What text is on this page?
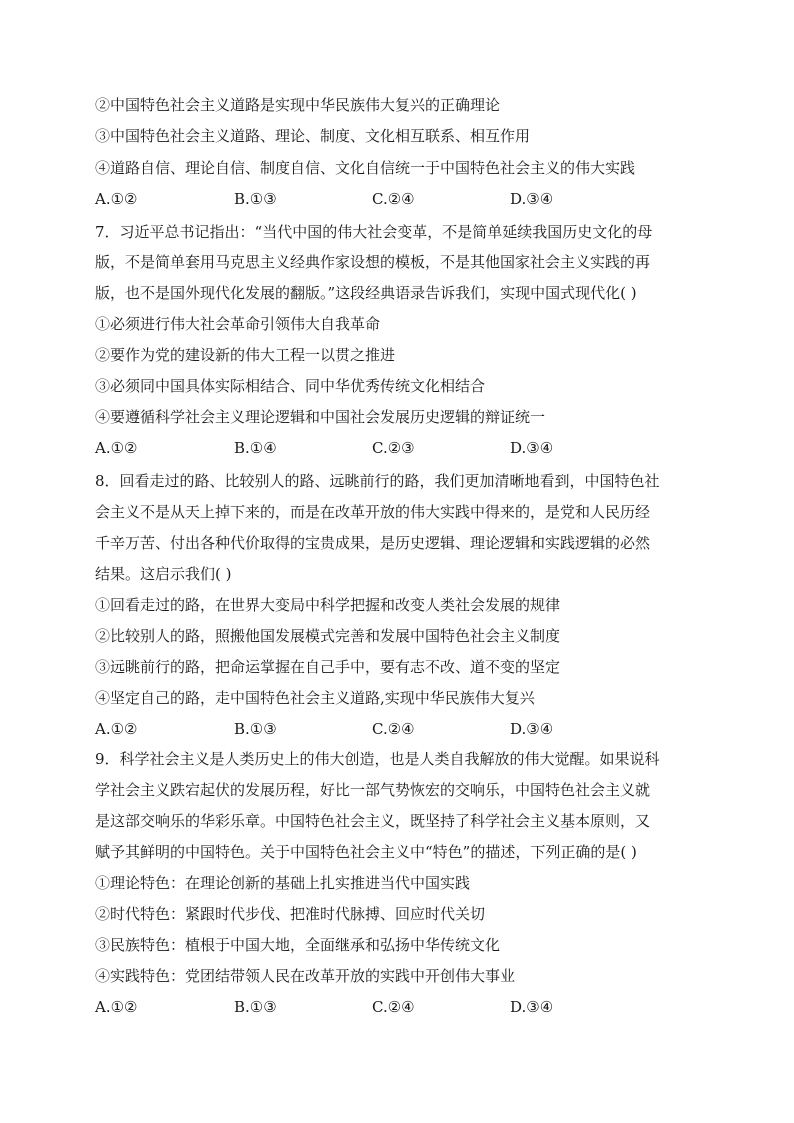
②中国特色社会主义道路是实现中华民族伟大复兴的正确理论
③中国特色社会主义道路、理论、制度、文化相互联系、相互作用
④道路自信、理论自信、制度自信、文化自信统一于中国特色社会主义的伟大实践
A.①②	B.①③	C.②④	D.③④
7．习近平总书记指出：“当代中国的伟大社会变革，不是简单延续我国历史文化的母
版，不是简单套用马克思主义经典作家设想的模板，不是其他国家社会主义实践的再
版，也不是国外现代化发展的翻版。”这段经典语录告诉我们，实现中国式现代化( )
①必须进行伟大社会革命引领伟大自我革命
②要作为党的建设新的伟大工程一以贯之推进
③必须同中国具体实际相结合、同中华优秀传统文化相结合
④要遵循科学社会主义理论逻辑和中国社会发展历史逻辑的辩证统一
A.①②	B.①④	C.②③	D.③④
8．回看走过的路、比较别人的路、远眺前行的路，我们更加清晰地看到，中国特色社
会主义不是从天上掉下来的，而是在改革开放的伟大实践中得来的，是党和人民历经
千辛万苦、付出各种代价取得的宝贵成果，是历史逻辑、理论逻辑和实践逻辑的必然
结果。这启示我们( )
①回看走过的路，在世界大变局中科学把握和改变人类社会发展的规律
②比较别人的路，照搬他国发展模式完善和发展中国特色社会主义制度
③远眺前行的路，把命运掌握在自己手中，要有志不改、道不变的坚定
④坚定自己的路，走中国特色社会主义道路,实现中华民族伟大复兴
A.①②	B.①③	C.②④	D.③④
9．科学社会主义是人类历史上的伟大创造，也是人类自我解放的伟大觉醒。如果说科
学社会主义跌宕起伏的发展历程，好比一部气势恢宏的交响乐，中国特色社会主义就
是这部交响乐的华彩乐章。中国特色社会主义，既坚持了科学社会主义基本原则，又
赋予其鲜明的中国特色。关于中国特色社会主义中“特色”的描述，下列正确的是( )
①理论特色：在理论创新的基础上扎实推进当代中国实践
②时代特色：紧跟时代步伐、把准时代脉搏、回应时代关切
③民族特色：植根于中国大地，全面继承和弘扬中华传统文化
④实践特色：党团结带领人民在改革开放的实践中开创伟大事业
A.①②	B.①③	C.②④	D.③④
